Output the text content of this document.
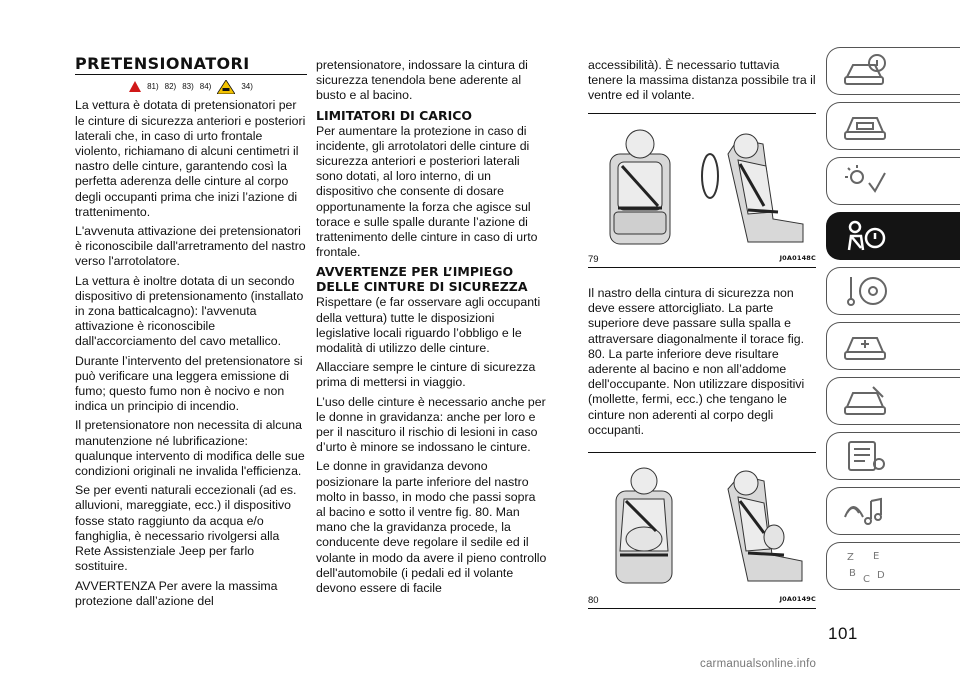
PRETENSIONATORI
81) 82) 83) 84)	34)

La vettura è dotata di pretensionatori per le cinture di sicurezza anteriori e posteriori laterali che, in caso di urto frontale violento, richiamano di alcuni centimetri il nastro delle cinture, garantendo così la perfetta aderenza delle cinture al corpo degli occupanti prima che inizi l’azione di trattenimento.

L'avvenuta attivazione dei pretensionatori è riconoscibile dall'arretramento del nastro verso l'arrotolatore.

La vettura è inoltre dotata di un secondo dispositivo di pretensionamento (installato in zona batticalcagno): l'avvenuta attivazione è riconoscibile dall'accorciamento del cavo metallico.

Durante l’intervento del pretensionatore si può verificare una leggera emissione di fumo; questo fumo non è nocivo e non indica un principio di incendio.

Il pretensionatore non necessita di alcuna manutenzione né lubrificazione: qualunque intervento di modifica delle sue condizioni originali ne invalida l'efficienza.

Se per eventi naturali eccezionali (ad es. alluvioni, mareggiate, ecc.) il dispositivo fosse stato raggiunto da acqua e/o fanghiglia, è necessario rivolgersi alla Rete Assistenziale Jeep per farlo sostituire.

AVVERTENZA Per avere la massima protezione dall’azione del

pretensionatore, indossare la cintura di sicurezza tenendola bene aderente al busto e al bacino.

LIMITATORI DI CARICO

Per aumentare la protezione in caso di incidente, gli arrotolatori delle cinture di sicurezza anteriori e posteriori laterali sono dotati, al loro interno, di un dispositivo che consente di dosare opportunamente la forza che agisce sul torace e sulle spalle durante l’azione di trattenimento delle cinture in caso di urto frontale.

AVVERTENZE PER L’IMPIEGO DELLE CINTURE DI SICUREZZA

Rispettare (e far osservare agli occupanti della vettura) tutte le disposizioni legislative locali riguardo l’obbligo e le modalità di utilizzo delle cinture.

Allacciare sempre le cinture di sicurezza prima di mettersi in viaggio.

L’uso delle cinture è necessario anche per le donne in gravidanza: anche per loro e per il nascituro il rischio di lesioni in caso d’urto è minore se indossano le cinture.

Le donne in gravidanza devono posizionare la parte inferiore del nastro molto in basso, in modo che passi sopra al bacino e sotto il ventre fig. 80. Man mano che la gravidanza procede, la conducente deve regolare il sedile ed il volante in modo da avere il pieno controllo dell'automobile (i pedali ed il volante devono essere di facile

accessibilità). È necessario tuttavia tenere la massima distanza possibile tra il ventre ed il volante.

79	J0A0148C

Il nastro della cintura di sicurezza non deve essere attorcigliato. La parte superiore deve passare sulla spalla e attraversare diagonalmente il torace fig. 80. La parte inferiore deve risultare aderente al bacino e non all’addome dell'occupante. Non utilizzare dispositivi (mollette, fermi, ecc.) che tengano le cinture non aderenti al corpo degli occupanti.

80	J0A0149C
Z E
B
C D
101
carmanualsonline.info
